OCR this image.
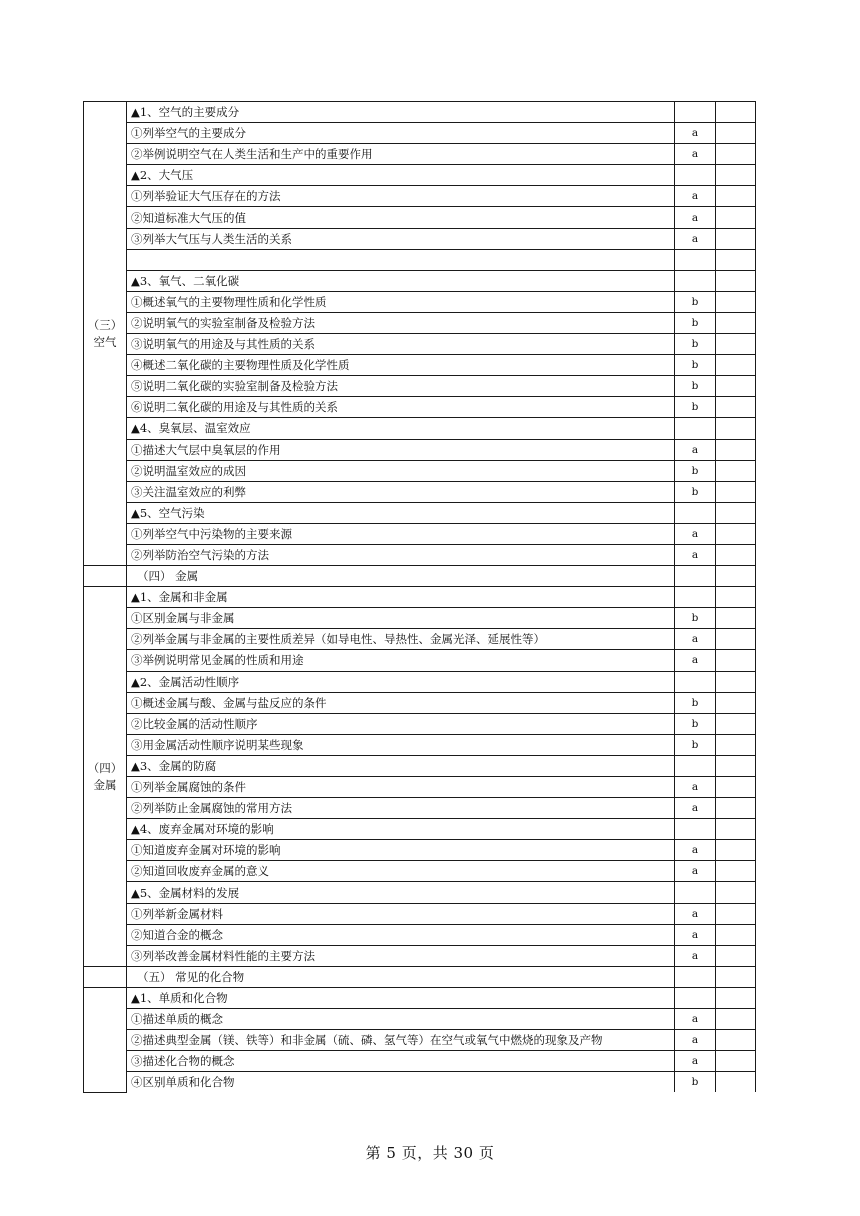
（三）
空气	▲1、空气的主要成分		
	①列举空气的主要成分	a	
	②举例说明空气在人类生活和生产中的重要作用	a	
	▲2、大气压		
	①列举验证大气压存在的方法	a	
	②知道标准大气压的值	a	
	③列举大气压与人类生活的关系	a	

	▲3、氧气、二氧化碳		
	①概述氧气的主要物理性质和化学性质	b	
	②说明氧气的实验室制备及检验方法	b	
	③说明氧气的用途及与其性质的关系	b	
	④概述二氧化碳的主要物理性质及化学性质	b	
	⑤说明二氧化碳的实验室制备及检验方法	b	
	⑥说明二氧化碳的用途及与其性质的关系	b	
	▲4、臭氧层、温室效应		
	①描述大气层中臭氧层的作用	a	
	②说明温室效应的成因	b	
	③关注温室效应的利弊	b	
	▲5、空气污染		
	①列举空气中污染物的主要来源	a	
	②列举防治空气污染的方法	a	
	（四） 金属		
（四）
金属	▲1、金属和非金属		
	①区别金属与非金属	b	
	②列举金属与非金属的主要性质差异（如导电性、导热性、金属光泽、延展性等）	a	
	③举例说明常见金属的性质和用途	a	
	▲2、金属活动性顺序		
	①概述金属与酸、金属与盐反应的条件	b	
	②比较金属的活动性顺序	b	
	③用金属活动性顺序说明某些现象	b	
	▲3、金属的防腐		
	①列举金属腐蚀的条件	a	
	②列举防止金属腐蚀的常用方法	a	
	▲4、废弃金属对环境的影响		
	①知道废弃金属对环境的影响	a	
	②知道回收废弃金属的意义	a	
	▲5、金属材料的发展		
	①列举新金属材料	a	
	②知道合金的概念	a	
	③列举改善金属材料性能的主要方法	a	
	（五） 常见的化合物		
	▲1、单质和化合物		
	①描述单质的概念	a	
	②描述典型金属（镁、铁等）和非金属（硫、磷、氢气等）在空气或氧气中燃烧的现象及产物	a	
	③描述化合物的概念	a	
	④区别单质和化合物	b	
第 5 页，共 30 页
